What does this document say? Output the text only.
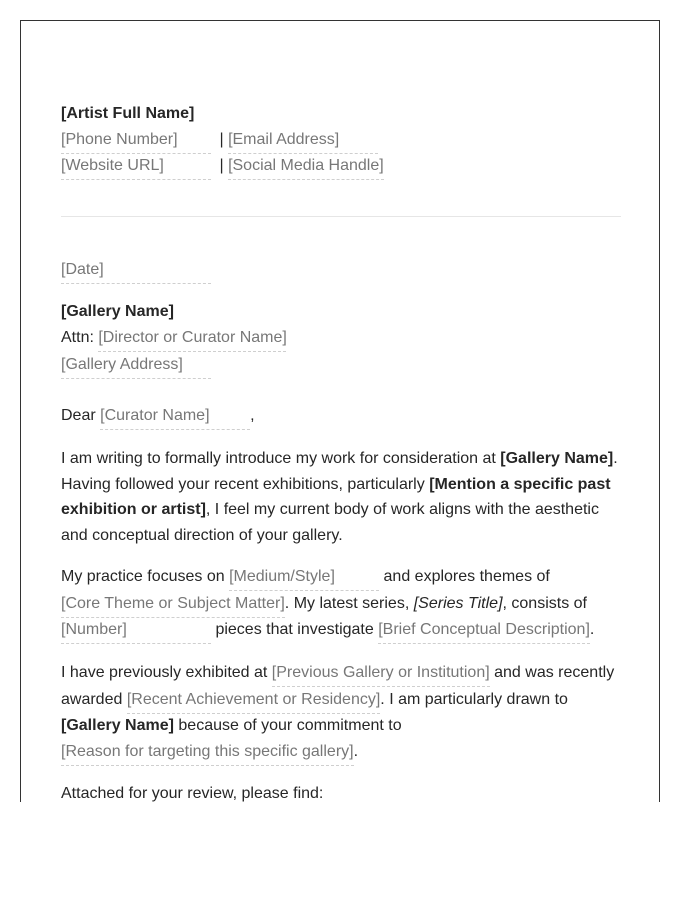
[Artist Full Name]
[Phone Number]	| [Email Address]
[Website URL]	| [Social Media Handle]
[Date]
[Gallery Name]
Attn: [Director or Curator Name]
[Gallery Address]
Dear [Curator Name]	,
I am writing to formally introduce my work for consideration at [Gallery Name].
Having followed your recent exhibitions, particularly [Mention a specific past
exhibition or artist], I feel my current body of work aligns with the aesthetic
and conceptual direction of your gallery.
My practice focuses on [Medium/Style]	and explores themes of
[Core Theme or Subject Matter]. My latest series, [Series Title], consists of
[Number]	pieces that investigate [Brief Conceptual Description].
I have previously exhibited at [Previous Gallery or Institution] and was recently
awarded [Recent Achievement or Residency]. I am particularly drawn to
[Gallery Name] because of your commitment to
[Reason for targeting this specific gallery].
Attached for your review, please find:
